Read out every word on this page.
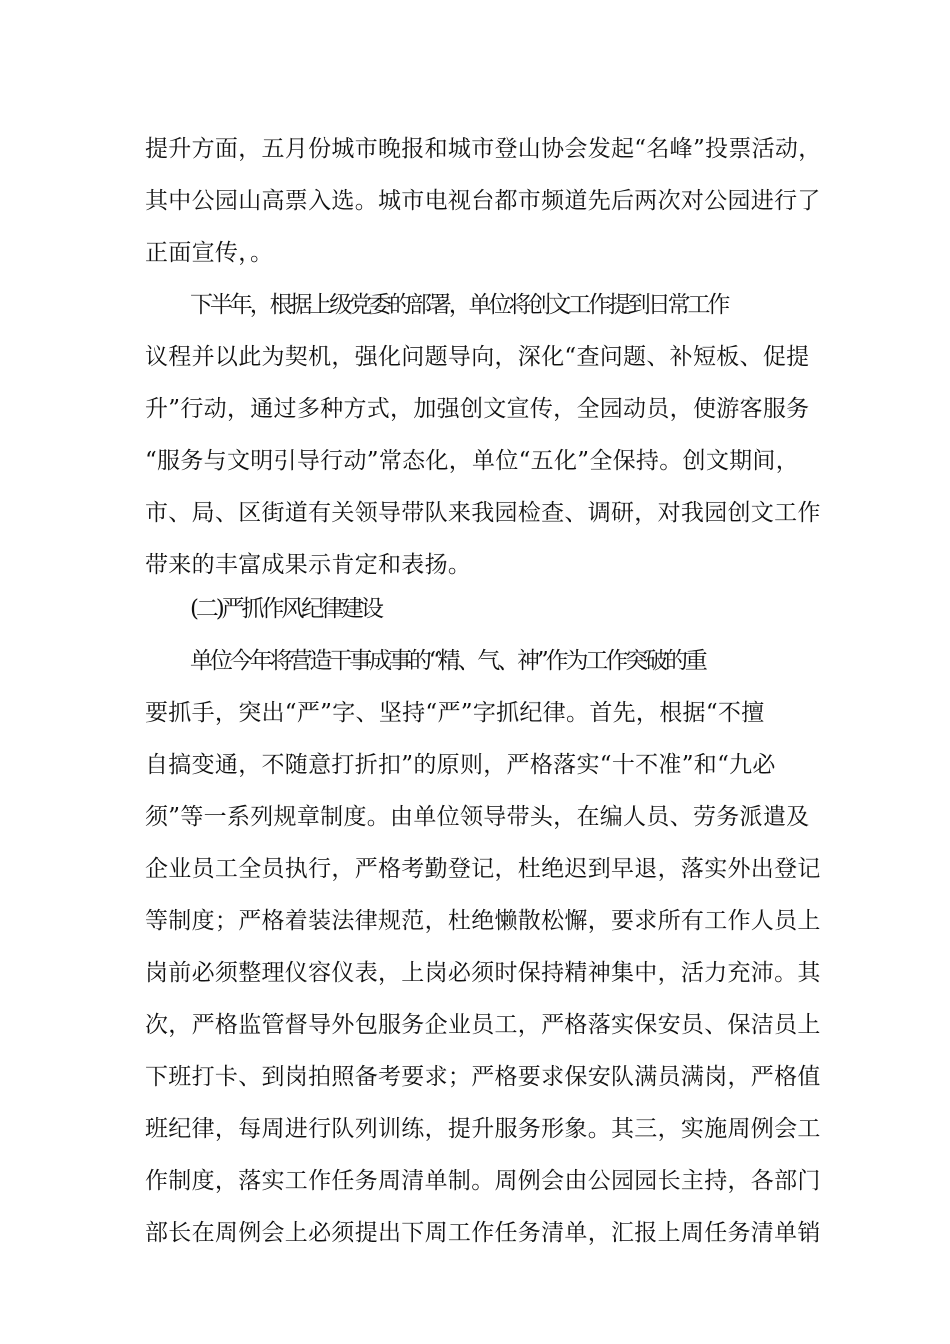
提升方面，五月份城市晚报和城市登山协会发起“名峰”投票活动，
其中公园山高票入选。城市电视台都市频道先后两次对公园进行了
正面宣传，。
下半年，根据上级党委的部署，单位将创文工作提到日常工作
议程并以此为契机，强化问题导向，深化“查问题、补短板、促提
升”行动，通过多种方式，加强创文宣传，全园动员，使游客服务
“服务与文明引导行动”常态化，单位“五化”全保持。创文期间，
市、局、区街道有关领导带队来我园检查、调研，对我园创文工作
带来的丰富成果示肯定和表扬。
(二)严抓作风纪律建设
单位今年将营造干事成事的“精、气、神”作为工作突破的重
要抓手，突出“严”字、坚持“严”字抓纪律。首先，根据“不擅
自搞变通，不随意打折扣”的原则，严格落实“十不准”和“九必
须”等一系列规章制度。由单位领导带头，在编人员、劳务派遣及
企业员工全员执行，严格考勤登记，杜绝迟到早退，落实外出登记
等制度；严格着装法律规范，杜绝懒散松懈，要求所有工作人员上
岗前必须整理仪容仪表，上岗必须时保持精神集中，活力充沛。其
次，严格监管督导外包服务企业员工，严格落实保安员、保洁员上
下班打卡、到岗拍照备考要求；严格要求保安队满员满岗，严格值
班纪律，每周进行队列训练，提升服务形象。其三，实施周例会工
作制度，落实工作任务周清单制。周例会由公园园长主持，各部门
部长在周例会上必须提出下周工作任务清单，汇报上周任务清单销
